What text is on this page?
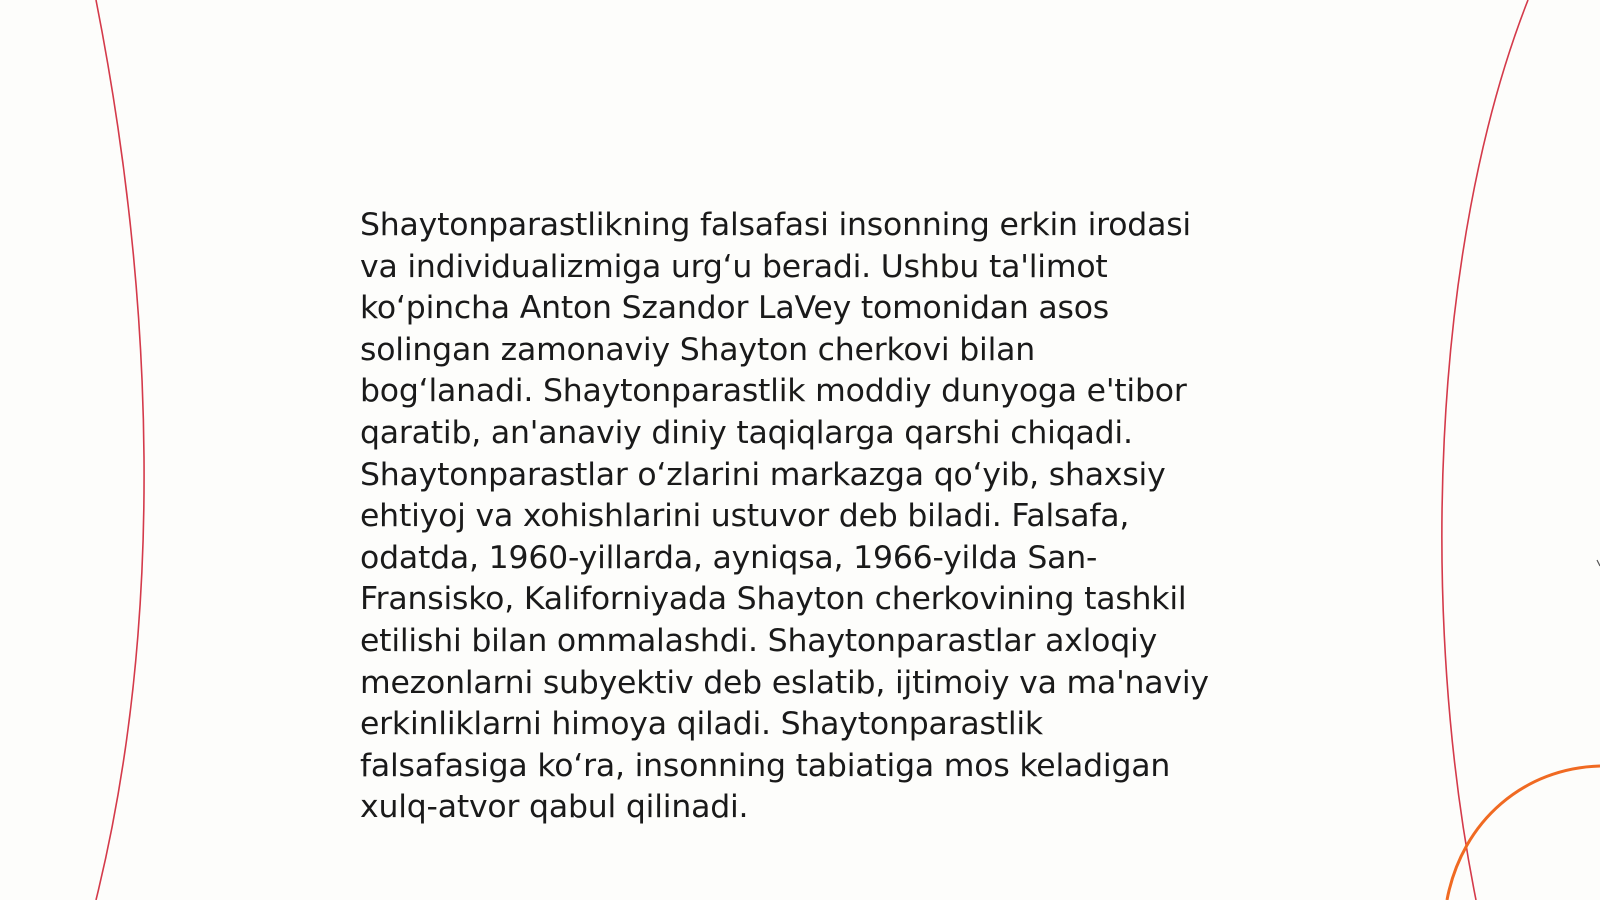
Shaytonparastlikning falsafasi insonning erkin irodasi
va individualizmiga urg‘u beradi. Ushbu ta'limot
ko‘pincha Anton Szandor LaVey tomonidan asos
solingan zamonaviy Shayton cherkovi bilan
bog‘lanadi. Shaytonparastlik moddiy dunyoga e'tibor
qaratib, an'anaviy diniy taqiqlarga qarshi chiqadi.
Shaytonparastlar o‘zlarini markazga qo‘yib, shaxsiy
ehtiyoj va xohishlarini ustuvor deb biladi. Falsafa,
odatda, 1960-yillarda, ayniqsa, 1966-yilda San-
Fransisko, Kaliforniyada Shayton cherkovining tashkil
etilishi bilan ommalashdi. Shaytonparastlar axloqiy
mezonlarni subyektiv deb eslatib, ijtimoiy va ma'naviy
erkinliklarni himoya qiladi. Shaytonparastlik
falsafasiga ko‘ra, insonning tabiatiga mos keladigan
xulq-atvor qabul qilinadi.
